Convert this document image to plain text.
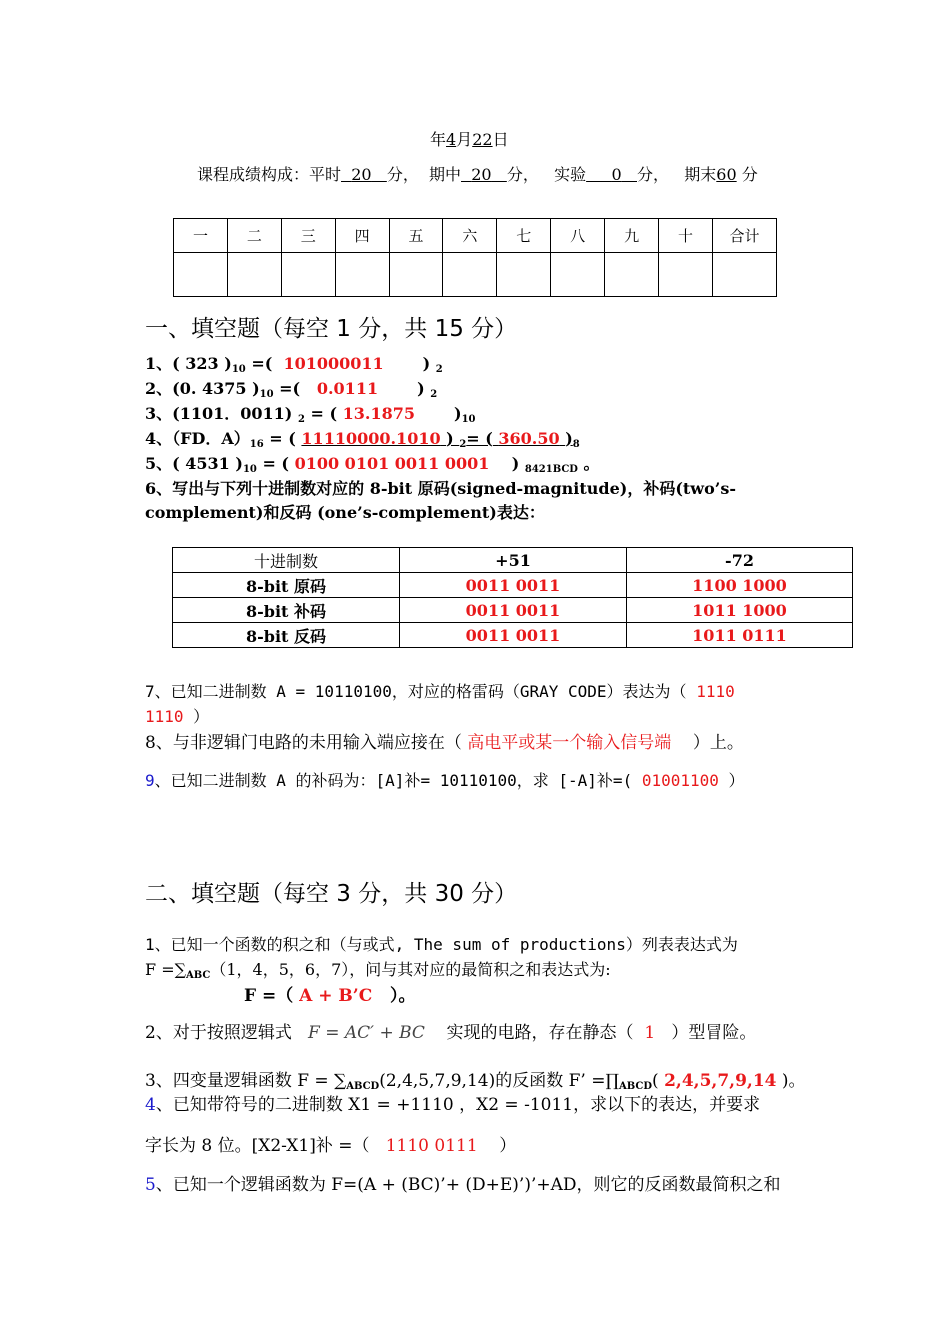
年4月22日
课程成绩构成：平时 20 分， 期中 20 分， 实验 0 分， 期末60 分
一	二	三	四	五	六	七	八	九	十	合计

一、填空题（每空 1 分，共 15 分）
1、( 323 )$_{10}$ =( 101000011 ) $_2$
2、(0. 4375 )$_{10}$ =( 0.0111 ) $_2$
3、(1101．0011) $_2$ = ( 13.1875 )$_{10}$
4、（FD．$A)_{16}$ = ( 11110000.1010 ) $_2$= ( 360.50 )$_8$
5、( 4531 )$_{10}$ = ( 0100 0101 0011 0001 ) $_{8421BCD}$ 。
6、写出与下列十进制数对应的 8-bit 原码(signed-magnitude)，补码(two’s-
complement)和反码 (one’s-complement)表达：
十进制数	+51	-72
8-bit 原码	0011 0011	1100 1000
8-bit 补码	0011 0011	1011 1000
8-bit 反码	0011 0011	1011 0111
7、已知二进制数 A = 10110100，对应的格雷码（GRAY CODE）表达为（ 1110
1110 ）
8、与非逻辑门电路的未用输入端应接在（ 高电平或某一个输入信号端 ）上。
9、已知二进制数 A 的补码为：[A]补= 10110100，求 [-A]补=( 01001100 ）
二、填空题（每空 3 分，共 30 分）
1、已知一个函数的积之和（与或式, The sum of productions）列表表达式为
$F =\sum_{ABC}(1$，4，5，6，7），问与其对应的最简积之和表达式为:
F =（ A + B’C ）。
2、对于按照逻辑式 F = AC′ + BC 实现的电路，存在静态（ 1 ）型冒险。
3、四变量逻辑函数 $F = \sum_{ABCD}(2,4,5,7,9,14)$的反函数 F’ $=\prod_{ABCD}$( 2,4,5,7,9,14 )。
4、已知带符号的二进制数 X1 = +1110 ，X2 = -1011，求以下的表达，并要求
字长为 8 位。[X2-X1]补 =（ 1110 0111 ）
5、已知一个逻辑函数为 F=(A + (BC)’+ (D+E)’)’+AD，则它的反函数最简积之和
